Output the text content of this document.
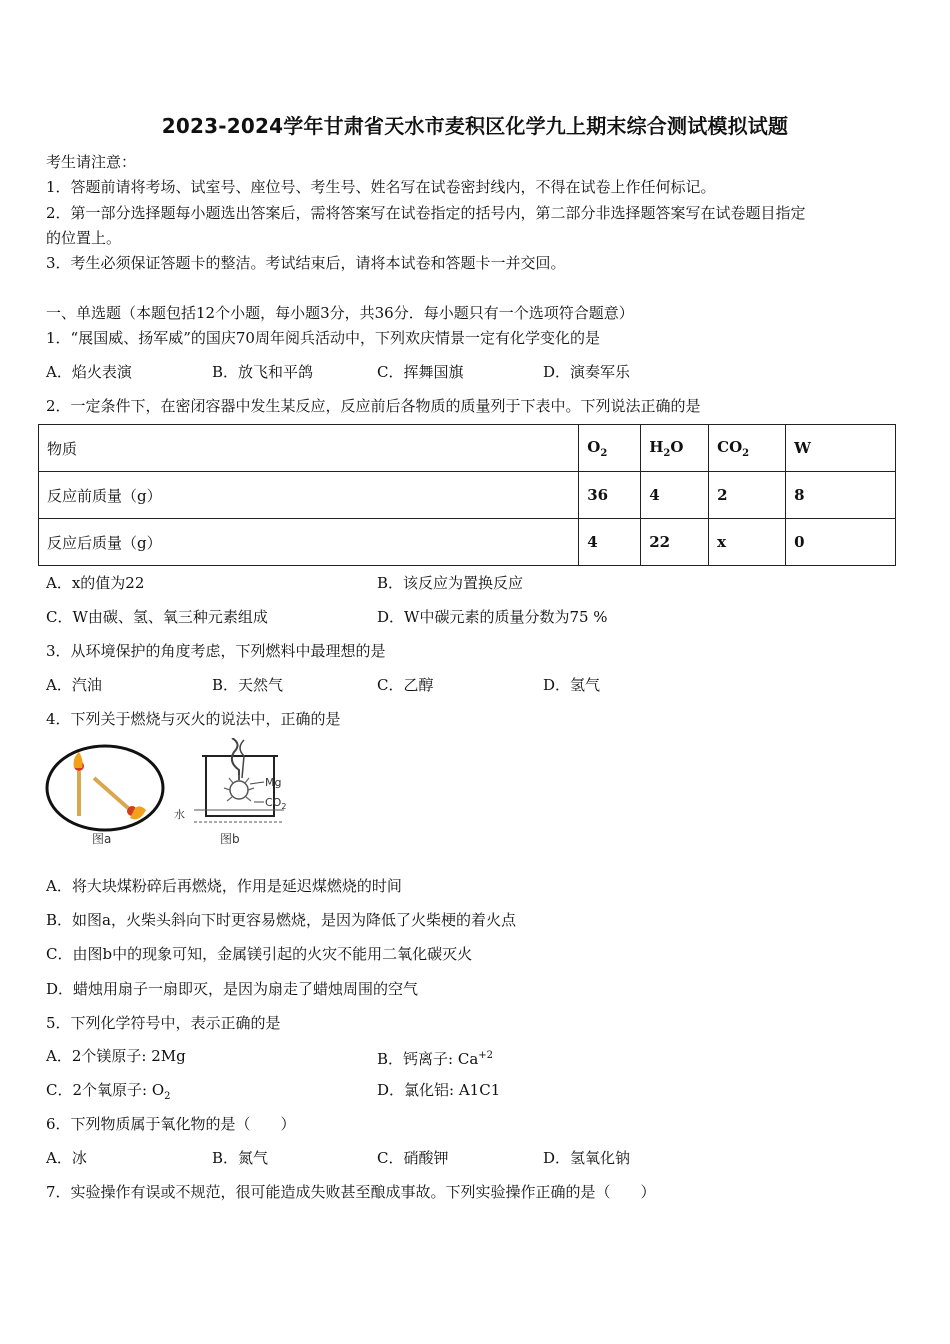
2023-2024学年甘肃省天水市麦积区化学九上期末综合测试模拟试题
考生请注意：
1．答题前请将考场、试室号、座位号、考生号、姓名写在试卷密封线内，不得在试卷上作任何标记。
2．第一部分选择题每小题选出答案后，需将答案写在试卷指定的括号内，第二部分非选择题答案写在试卷题目指定
的位置上。
3．考生必须保证答题卡的整洁。考试结束后，请将本试卷和答题卡一并交回。
一、单选题（本题包括12个小题，每小题3分，共36分．每小题只有一个选项符合题意）
1．“展国威、扬军威”的国庆70周年阅兵活动中，下列欢庆情景一定有化学变化的是
A．焰火表演	B．放飞和平鸽	C．挥舞国旗	D．演奏军乐
2．一定条件下，在密闭容器中发生某反应，反应前后各物质的质量列于下表中。下列说法正确的是
物质	$O_2$	$H_2O$	$CO_2$	W
反应前质量（g）	36	4	2	8
反应后质量（g）	4	22	x	0
A．x的值为22	B．该反应为置换反应
C．W由碳、氢、氧三种元素组成	D．W中碳元素的质量分数为75 %
3．从环境保护的角度考虑，下列燃料中最理想的是
A．汽油	B．天然气	C．乙醇	D．氢气
4．下列关于燃烧与灭火的说法中，正确的是
图a
Mg
$CO_2$
水
图b
A．将大块煤粉碎后再燃烧，作用是延迟煤燃烧的时间
B．如图a，火柴头斜向下时更容易燃烧，是因为降低了火柴梗的着火点
C．由图b中的现象可知，金属镁引起的火灾不能用二氧化碳灭火
D．蜡烛用扇子一扇即灭，是因为扇走了蜡烛周围的空气
5．下列化学符号中，表示正确的是
A．2个镁原子: 2Mg	B．钙离子: $Ca^{+2}$
C．2个氧原子: $O_2$	D．氯化铝: A1C1
6．下列物质属于氧化物的是（　　）
A．冰	B．氮气	C．硝酸钾	D．氢氧化钠
7．实验操作有误或不规范，很可能造成失败甚至酿成事故。下列实验操作正确的是（　　）
